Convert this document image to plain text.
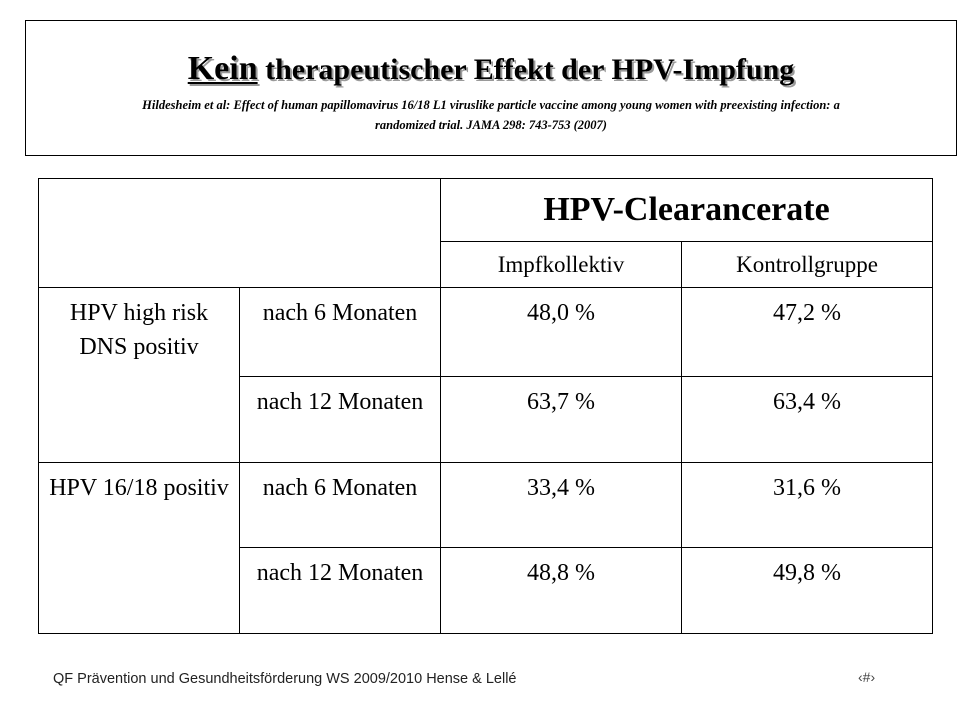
Kein therapeutischer Effekt der HPV-Impfung
Hildesheim et al: Effect of human papillomavirus 16/18 L1 viruslike particle vaccine among young women with preexisting infection: a
randomized trial. JAMA 298: 743-753 (2007)
		HPV-Clearancerate	
		Impfkollektiv	Kontrollgruppe
HPV high risk DNS positiv	nach 6 Monaten	48,0 %	47,2 %
	nach 12 Monaten	63,7 %	63,4 %
HPV 16/18 positiv	nach 6 Monaten	33,4 %	31,6 %
	nach 12 Monaten	48,8 %	49,8 %
QF Prävention und Gesundheitsförderung WS 2009/2010 Hense & Lellé	‹#›
